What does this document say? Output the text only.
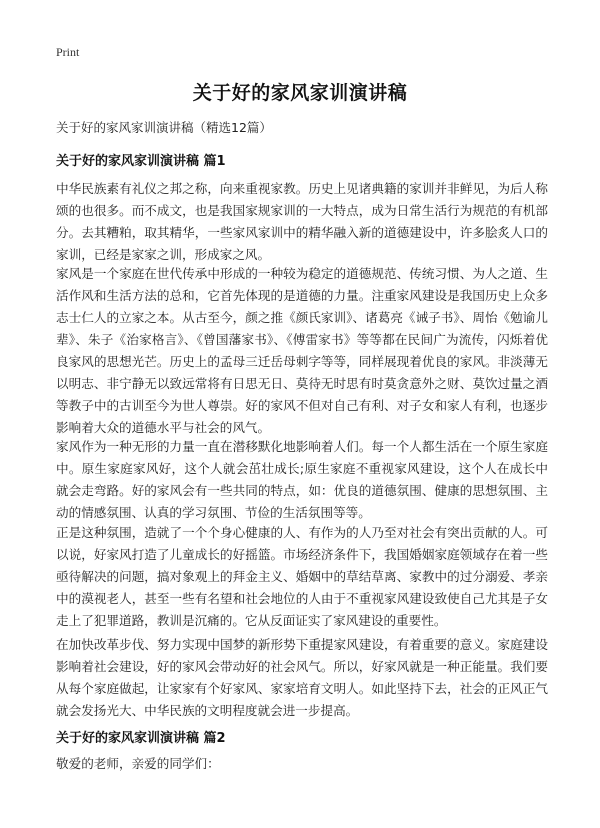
Print
关于好的家风家训演讲稿
关于好的家风家训演讲稿（精选12篇）
关于好的家风家训演讲稿 篇1
中华民族素有礼仪之邦之称，向来重视家教。历史上见诸典籍的家训并非鲜见，为后人称颂的也很多。而不成文，也是我国家规家训的一大特点，成为日常生活行为规范的有机部分。去其糟粕，取其精华，一些家风家训中的精华融入新的道德建设中，许多脍炙人口的家训，已经是家家之训，形成家之风。
家风是一个家庭在世代传承中形成的一种较为稳定的道德规范、传统习惯、为人之道、生活作风和生活方法的总和，它首先体现的是道德的力量。注重家风建设是我国历史上众多志士仁人的立家之本。从古至今，颜之推《颜氏家训》、诸葛亮《诫子书》、周怡《勉谕儿辈》、朱子《治家格言》、《曾国藩家书》、《傅雷家书》等等都在民间广为流传，闪烁着优良家风的思想光芒。历史上的孟母三迁岳母刺字等等，同样展现着优良的家风。非淡薄无以明志、非宁静无以致远常将有日思无日、莫待无时思有时莫贪意外之财、莫饮过量之酒等教子中的古训至今为世人尊崇。好的家风不但对自己有利、对子女和家人有利，也逐步影响着大众的道德水平与社会的风气。
家风作为一种无形的力量一直在潜移默化地影响着人们。每一个人都生活在一个原生家庭中。原生家庭家风好，这个人就会茁壮成长;原生家庭不重视家风建设，这个人在成长中就会走弯路。好的家风会有一些共同的特点，如：优良的道德氛围、健康的思想氛围、主动的情感氛围、认真的学习氛围、节俭的生活氛围等等。
正是这种氛围，造就了一个个身心健康的人、有作为的人乃至对社会有突出贡献的人。可以说，好家风打造了儿童成长的好摇篮。市场经济条件下，我国婚姻家庭领域存在着一些亟待解决的问题，搞对象观上的拜金主义、婚姻中的草结草离、家教中的过分溺爱、孝亲中的漠视老人，甚至一些有名望和社会地位的人由于不重视家风建设致使自己尤其是子女走上了犯罪道路，教训是沉痛的。它从反面证实了家风建设的重要性。
在加快改革步伐、努力实现中国梦的新形势下重提家风建设，有着重要的意义。家庭建设影响着社会建设，好的家风会带动好的社会风气。所以，好家风就是一种正能量。我们要从每个家庭做起，让家家有个好家风、家家培育文明人。如此坚持下去，社会的正风正气就会发扬光大、中华民族的文明程度就会进一步提高。
关于好的家风家训演讲稿 篇2
敬爱的老师，亲爱的同学们：
